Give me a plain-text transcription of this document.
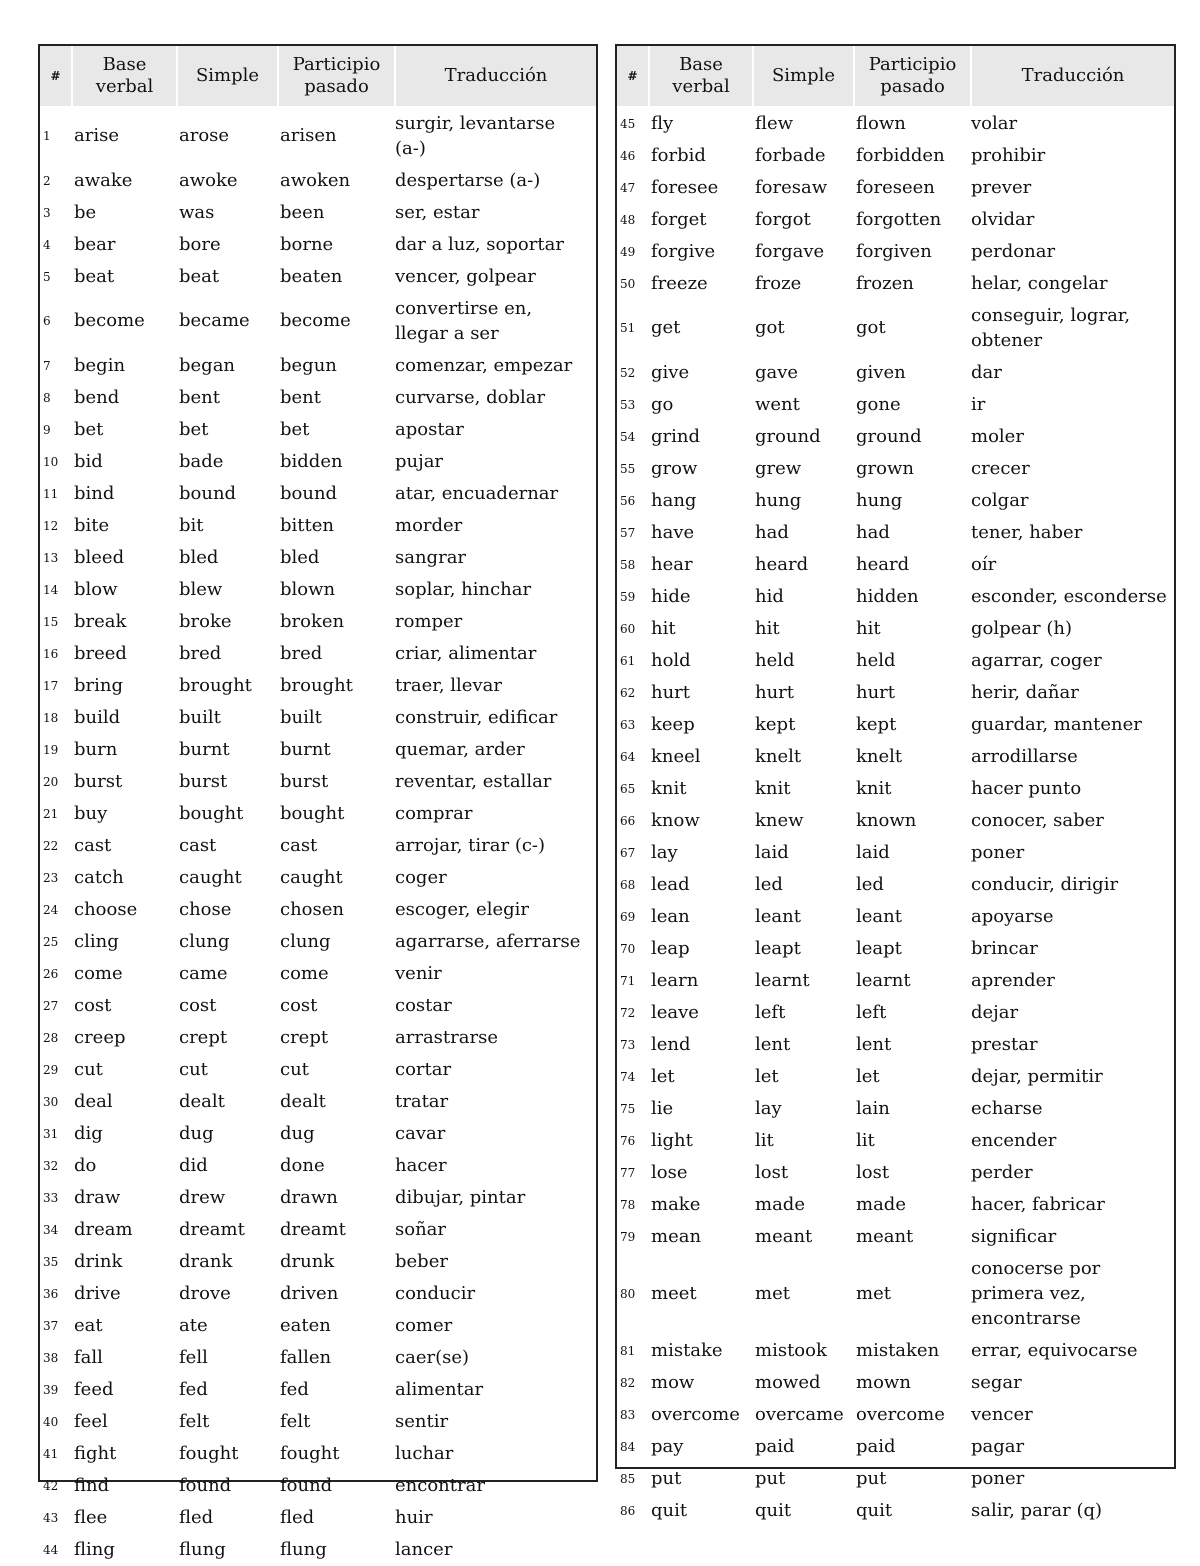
#	Base verbal	Simple	Participio pasado	Traducción
1	arise	arose	arisen	surgir, levantarse (a-)
2	awake	awoke	awoken	despertarse (a-)
3	be	was	been	ser, estar
4	bear	bore	borne	dar a luz, soportar
5	beat	beat	beaten	vencer, golpear
6	become	became	become	convertirse en, llegar a ser
7	begin	began	begun	comenzar, empezar
8	bend	bent	bent	curvarse, doblar
9	bet	bet	bet	apostar
10	bid	bade	bidden	pujar
11	bind	bound	bound	atar, encuadernar
12	bite	bit	bitten	morder
13	bleed	bled	bled	sangrar
14	blow	blew	blown	soplar, hinchar
15	break	broke	broken	romper
16	breed	bred	bred	criar, alimentar
17	bring	brought	brought	traer, llevar
18	build	built	built	construir, edificar
19	burn	burnt	burnt	quemar, arder
20	burst	burst	burst	reventar, estallar
21	buy	bought	bought	comprar
22	cast	cast	cast	arrojar, tirar (c-)
23	catch	caught	caught	coger
24	choose	chose	chosen	escoger, elegir
25	cling	clung	clung	agarrarse, aferrarse
26	come	came	come	venir
27	cost	cost	cost	costar
28	creep	crept	crept	arrastrarse
29	cut	cut	cut	cortar
30	deal	dealt	dealt	tratar
31	dig	dug	dug	cavar
32	do	did	done	hacer
33	draw	drew	drawn	dibujar, pintar
34	dream	dreamt	dreamt	soñar
35	drink	drank	drunk	beber
36	drive	drove	driven	conducir
37	eat	ate	eaten	comer
38	fall	fell	fallen	caer(se)
39	feed	fed	fed	alimentar
40	feel	felt	felt	sentir
41	fight	fought	fought	luchar
42	find	found	found	encontrar
43	flee	fled	fled	huir
44	fling	flung	flung	lancer
#	Base verbal	Simple	Participio pasado	Traducción
45	fly	flew	flown	volar
46	forbid	forbade	forbidden	prohibir
47	foresee	foresaw	foreseen	prever
48	forget	forgot	forgotten	olvidar
49	forgive	forgave	forgiven	perdonar
50	freeze	froze	frozen	helar, congelar
51	get	got	got	conseguir, lograr, obtener
52	give	gave	given	dar
53	go	went	gone	ir
54	grind	ground	ground	moler
55	grow	grew	grown	crecer
56	hang	hung	hung	colgar
57	have	had	had	tener, haber
58	hear	heard	heard	oír
59	hide	hid	hidden	esconder, esconderse
60	hit	hit	hit	golpear (h)
61	hold	held	held	agarrar, coger
62	hurt	hurt	hurt	herir, dañar
63	keep	kept	kept	guardar, mantener
64	kneel	knelt	knelt	arrodillarse
65	knit	knit	knit	hacer punto
66	know	knew	known	conocer, saber
67	lay	laid	laid	poner
68	lead	led	led	conducir, dirigir
69	lean	leant	leant	apoyarse
70	leap	leapt	leapt	brincar
71	learn	learnt	learnt	aprender
72	leave	left	left	dejar
73	lend	lent	lent	prestar
74	let	let	let	dejar, permitir
75	lie	lay	lain	echarse
76	light	lit	lit	encender
77	lose	lost	lost	perder
78	make	made	made	hacer, fabricar
79	mean	meant	meant	significar
80	meet	met	met	conocerse por primera vez, encontrarse
81	mistake	mistook	mistaken	errar, equivocarse
82	mow	mowed	mown	segar
83	overcome	overcame	overcome	vencer
84	pay	paid	paid	pagar
85	put	put	put	poner
86	quit	quit	quit	salir, parar (q)
